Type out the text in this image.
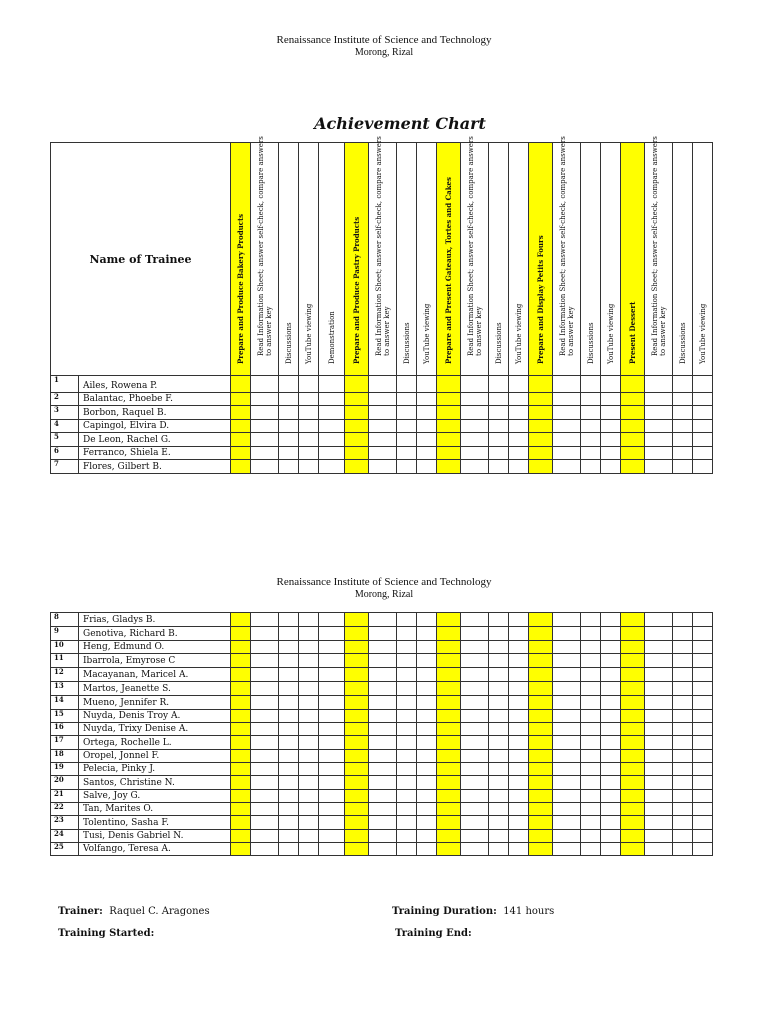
Renaissance Institute of Science and Technology
Morong, Rizal
Achievement Chart
Name of Trainee		Prepare and Produce Bakery Products	Read Information Sheet; answer self-check, compare answers to answer key	Discussions	YouTube viewing	Demonstration	Prepare and Produce Pastry Products	Read Information Sheet; answer self-check, compare answers to answer key	Discussions	YouTube viewing	Prepare and Present Gateaux, Tortes and Cakes	Read Information Sheet; answer self-check, compare answers to answer key	Discussions	YouTube viewing	Prepare and Display Petits Fours	Read Information Sheet; answer self-check, compare answers to answer key	Discussions	YouTube viewing	Present Dessert	Read Information Sheet; answer self-check, compare answers to answer key	Discussions	YouTube viewing

1	Ailes, Rowena P.																					
2	Balantac, Phoebe F.																					
3	Borbon, Raquel B.																					
4	Capingol, Elvira D.																					
5	De Leon, Rachel G.																					
6	Ferranco, Shiela E.																					
7	Flores, Gilbert B.																					
Renaissance Institute of Science and Technology
Morong, Rizal
8	Frias, Gladys B.																					
9	Genotiva, Richard B.																					
10	Heng, Edmund O.																					
11	Ibarrola, Emyrose C																					
12	Macayanan, Maricel A.																					
13	Martos, Jeanette S.																					
14	Mueno, Jennifer R.																					
15	Nuyda, Denis Troy A.																					
16	Nuyda, Trixy Denise A.																					
17	Ortega, Rochelle L.																					
18	Oropel, Jonnel F.																					
19	Pelecia, Pinky J.																					
20	Santos, Christine N.																					
21	Salve, Joy G.																					
22	Tan, Marites O.																					
23	Tolentino, Sasha F.																					
24	Tusi, Denis Gabriel N.																					
25	Volfango, Teresa A.																					
Trainer: Raquel C. Aragones	Training Duration: 141 hours
Training Started:	Training End:
